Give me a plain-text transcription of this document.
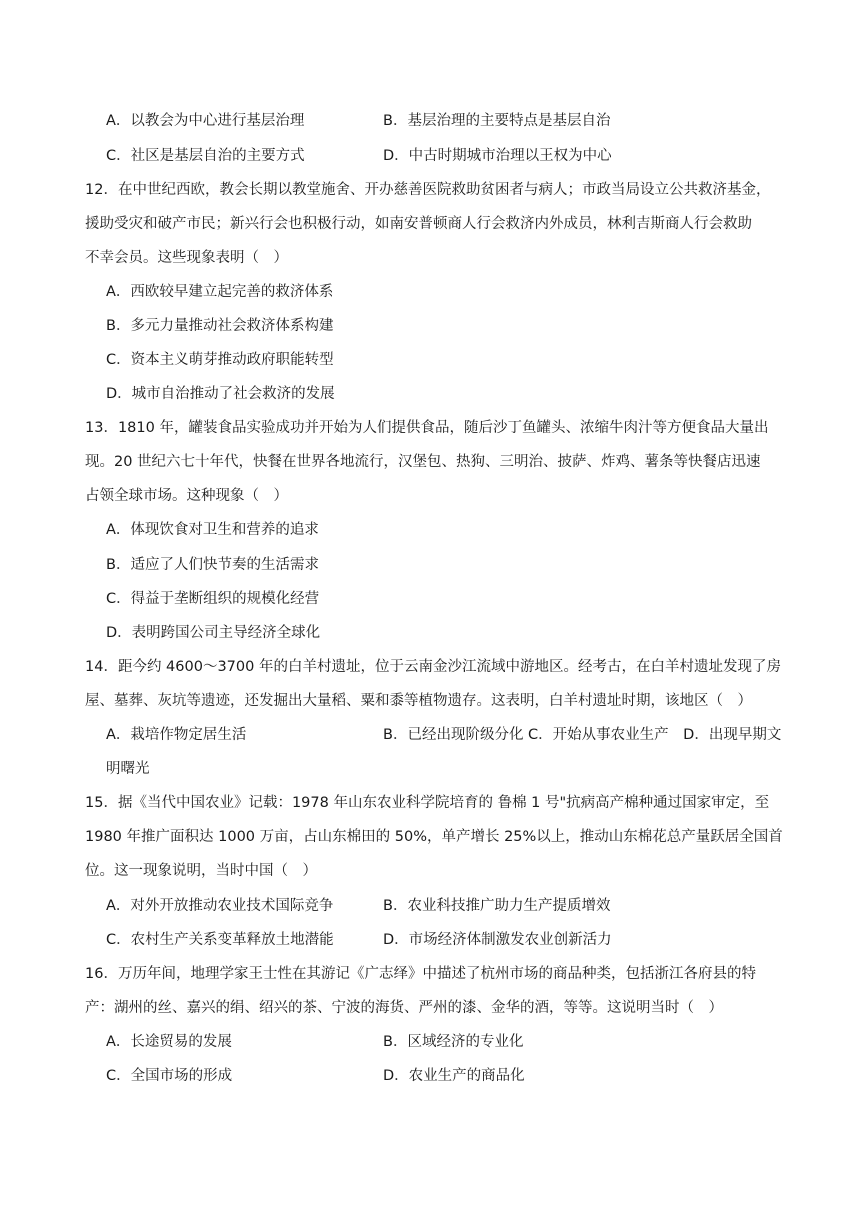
A．以教会为中心进行基层治理	B．基层治理的主要特点是基层自治
C．社区是基层自治的主要方式	D．中古时期城市治理以王权为中心
12．在中世纪西欧，教会长期以教堂施舍、开办慈善医院救助贫困者与病人；市政当局设立公共救济基金，
援助受灾和破产市民；新兴行会也积极行动，如南安普顿商人行会救济内外成员，林利吉斯商人行会救助
不幸会员。这些现象表明（　）
A．西欧较早建立起完善的救济体系
B．多元力量推动社会救济体系构建
C．资本主义萌芽推动政府职能转型
D．城市自治推动了社会救济的发展
13．1810 年，罐装食品实验成功并开始为人们提供食品，随后沙丁鱼罐头、浓缩牛肉汁等方便食品大量出
现。20 世纪六七十年代，快餐在世界各地流行，汉堡包、热狗、三明治、披萨、炸鸡、薯条等快餐店迅速
占领全球市场。这种现象（　）
A．体现饮食对卫生和营养的追求
B．适应了人们快节奏的生活需求
C．得益于垄断组织的规模化经营
D．表明跨国公司主导经济全球化
14．距今约 4600～3700 年的白羊村遗址，位于云南金沙江流域中游地区。经考古，在白羊村遗址发现了房
屋、墓葬、灰坑等遗迹，还发掘出大量稻、粟和黍等植物遗存。这表明，白羊村遗址时期，该地区（　）
A．栽培作物定居生活	B．已经出现阶级分化 C．开始从事农业生产　D．出现早期文
明曙光
15．据《当代中国农业》记载：1978 年山东农业科学院培育的 鲁棉 1 号"抗病高产棉种通过国家审定，至
1980 年推广面积达 1000 万亩，占山东棉田的 50%，单产增长 25%以上，推动山东棉花总产量跃居全国首
位。这一现象说明，当时中国（　）
A．对外开放推动农业技术国际竞争	B．农业科技推广助力生产提质增效
C．农村生产关系变革释放土地潜能	D．市场经济体制激发农业创新活力
16．万历年间，地理学家王士性在其游记《广志绎》中描述了杭州市场的商品种类，包括浙江各府县的特
产：湖州的丝、嘉兴的绢、绍兴的茶、宁波的海货、严州的漆、金华的酒，等等。这说明当时（　）
A．长途贸易的发展	B．区域经济的专业化
C．全国市场的形成	D．农业生产的商品化
